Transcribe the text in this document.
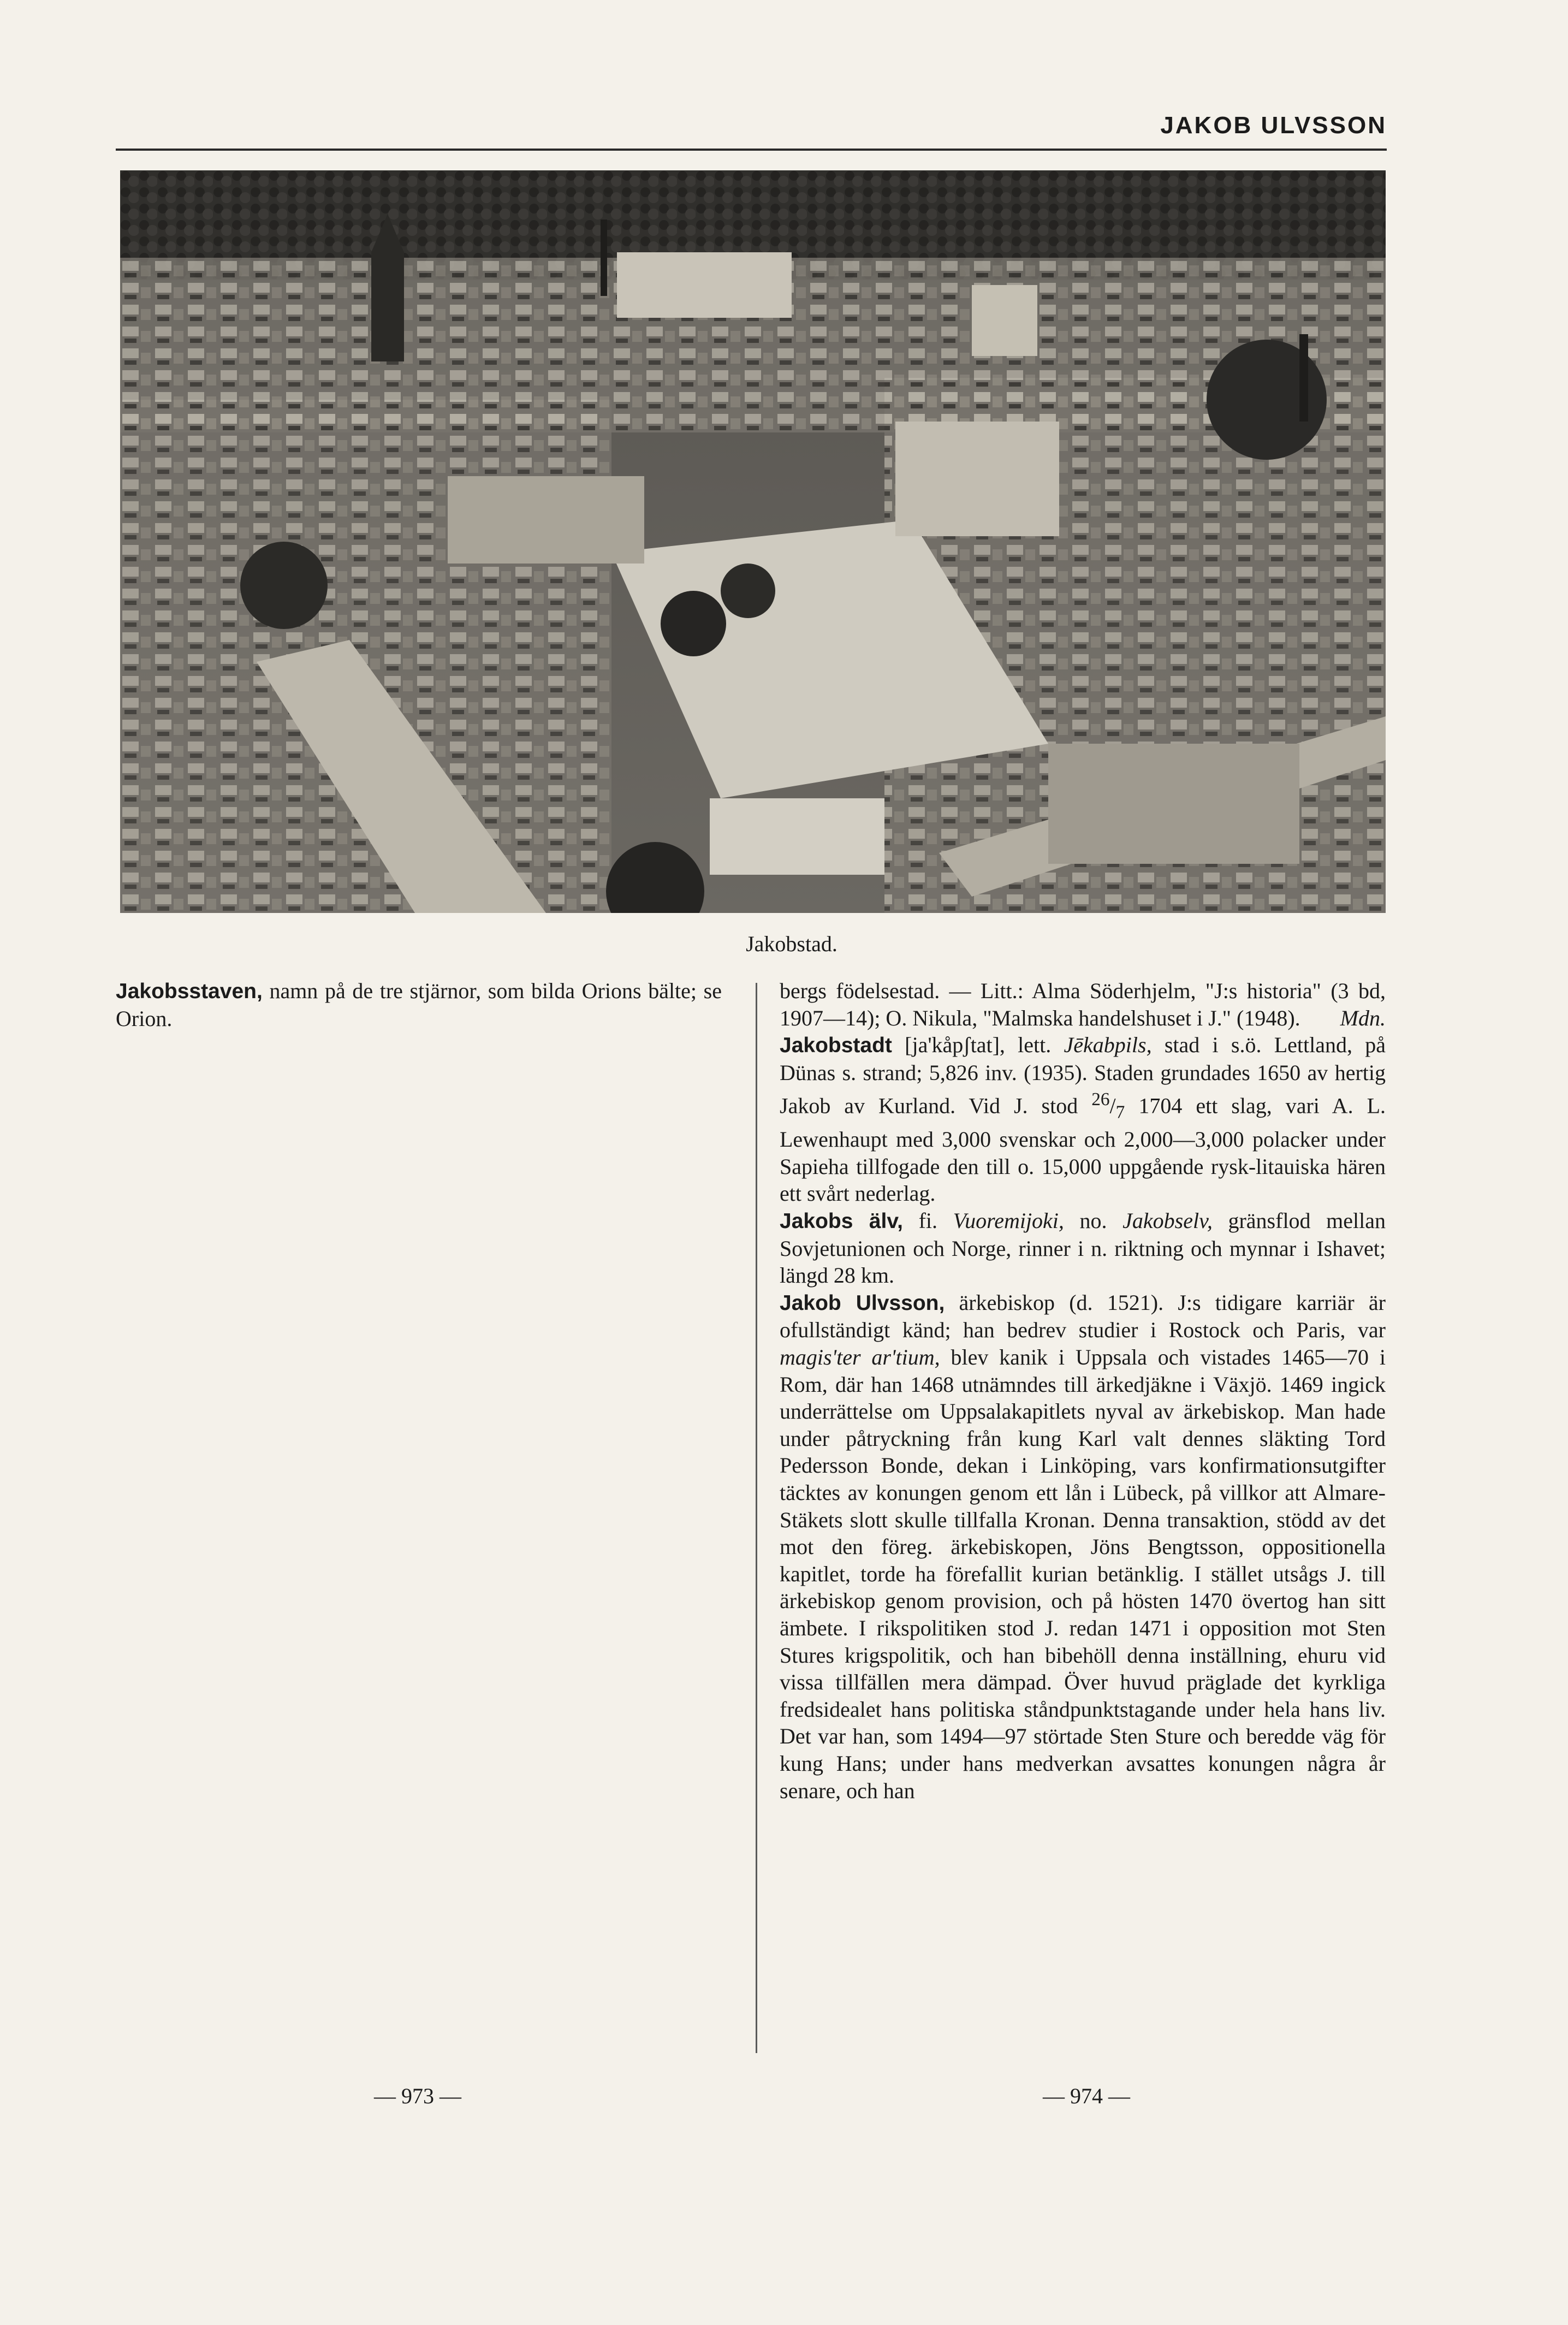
JAKOB ULVSSON
Jakobstad.

Jakobsstaven, namn på de tre stjärnor, som bilda Orions bälte; se Orion.

bergs födelsestad. — Litt.: Alma Söderhjelm, "J:s historia" (3 bd, 1907—14); O. Nikula, "Malmska handelshuset i J." (1948). Mdn.

Jakobstadt [ja'kåpʃtat], lett. Jēkabpils, stad i s.ö. Lettland, på Dünas s. strand; 5,826 inv. (1935). Staden grundades 1650 av hertig Jakob av Kurland. Vid J. stod $^{26}/_7$ 1704 ett slag, vari A. L. Lewenhaupt med 3,000 svenskar och 2,000—3,000 polacker under Sapieha tillfogade den till o. 15,000 uppgående rysk-litauiska hären ett svårt nederlag.

Jakobs älv, fi. Vuoremijoki, no. Jakobselv, gränsflod mellan Sovjetunionen och Norge, rinner i n. riktning och mynnar i Ishavet; längd 28 km.

Jakob Ulvsson, ärkebiskop (d. 1521). J:s tidigare karriär är ofullständigt känd; han bedrev studier i Rostock och Paris, var magis'ter ar'tium, blev kanik i Uppsala och vistades 1465—70 i Rom, där han 1468 utnämndes till ärkedjäkne i Växjö. 1469 ingick underrättelse om Uppsalakapitlets nyval av ärkebiskop. Man hade under påtryckning från kung Karl valt dennes släkting Tord Pedersson Bonde, dekan i Linköping, vars konfirmationsutgifter täcktes av konungen genom ett lån i Lübeck, på villkor att Almare-Stäkets slott skulle tillfalla Kronan. Denna transaktion, stödd av det mot den föreg. ärkebiskopen, Jöns Bengtsson, oppositionella kapitlet, torde ha förefallit kurian betänklig. I stället utsågs J. till ärkebiskop genom provision, och på hösten 1470 övertog han sitt ämbete. I rikspolitiken stod J. redan 1471 i opposition mot Sten Stures krigspolitik, och han bibehöll denna inställning, ehuru vid vissa tillfällen mera dämpad. Över huvud präglade det kyrkliga fredsidealet hans politiska ståndpunktstagande under hela hans liv. Det var han, som 1494—97 störtade Sten Sture och beredde väg för kung Hans; under hans medverkan avsattes konungen några år senare, och han

— 973 —	— 974 —
